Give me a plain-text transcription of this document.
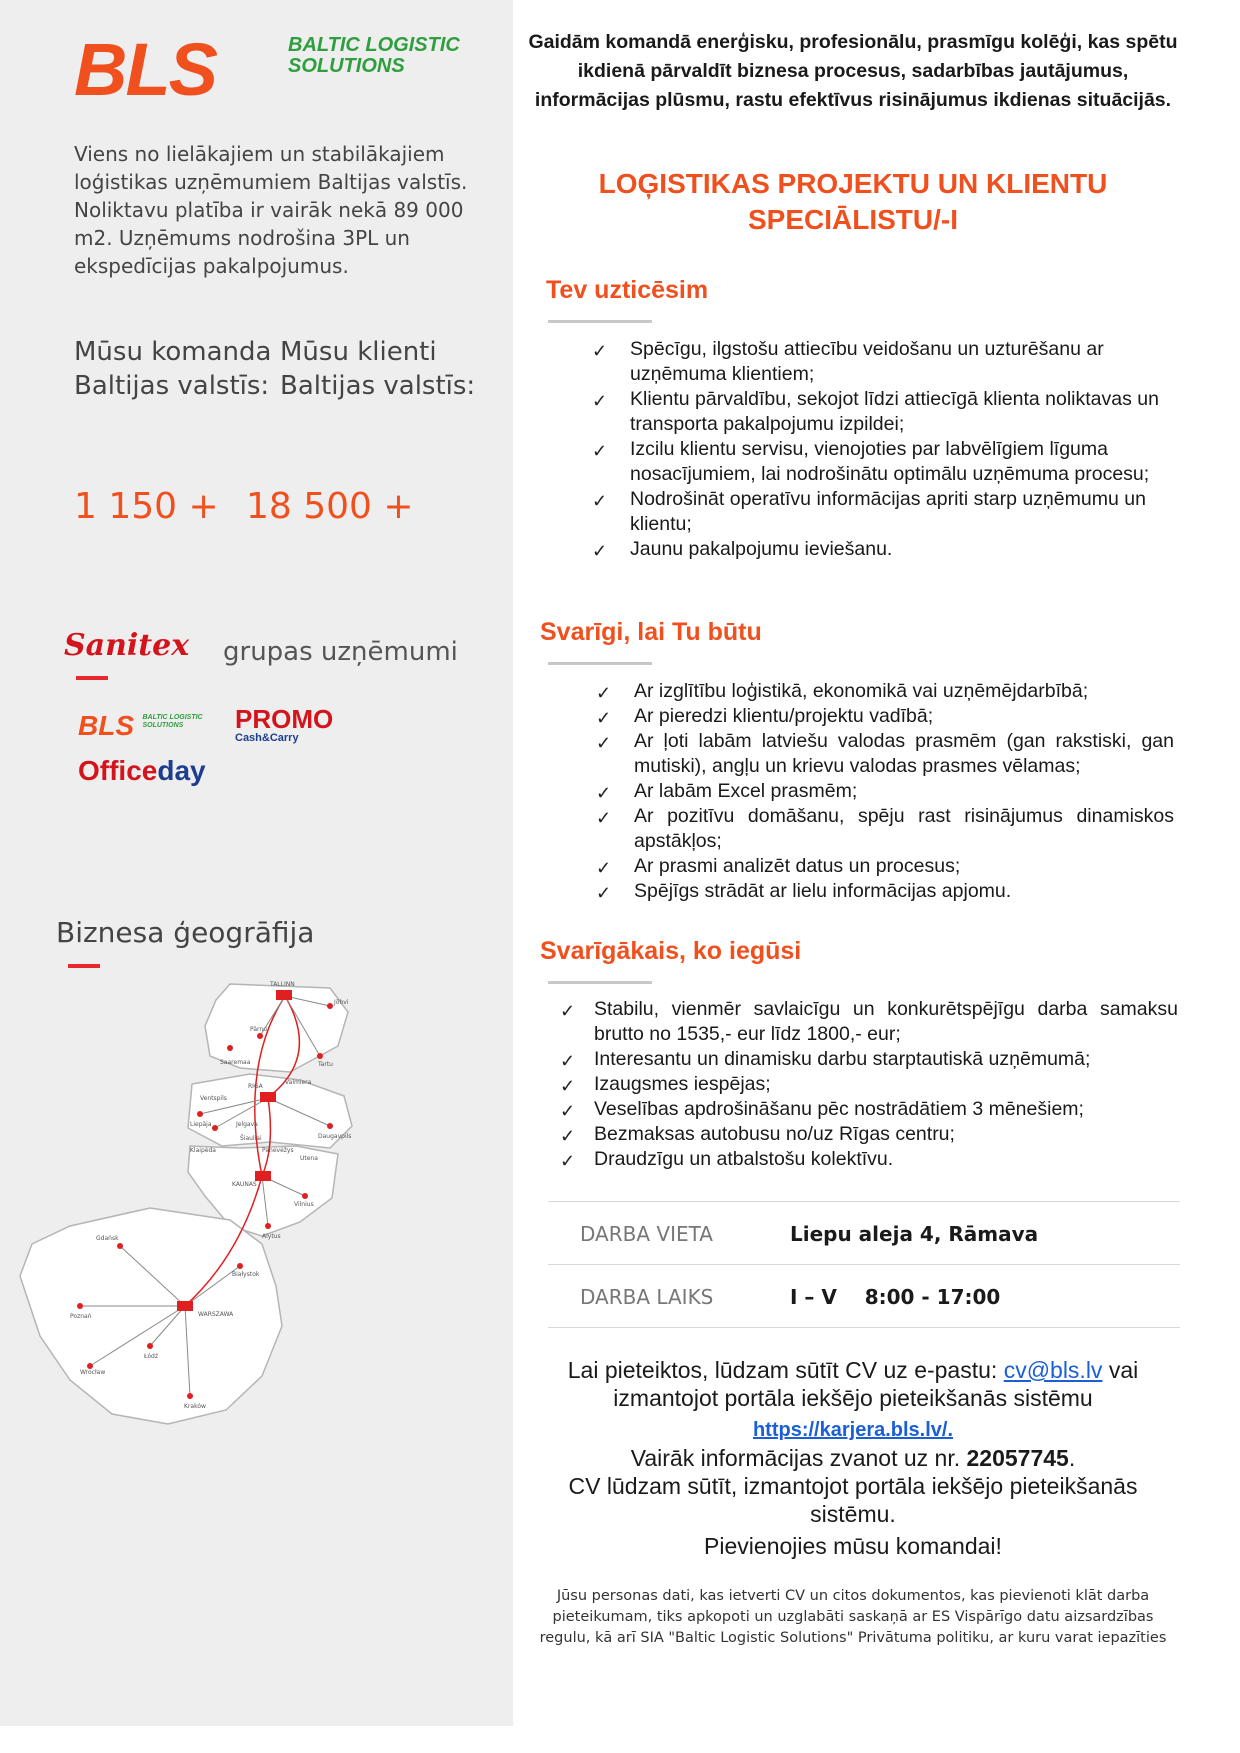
BLS	BALTIC LOGISTIC
SOLUTIONS
Viens no lielākajiem un stabilākajiem loģistikas uzņēmumiem Baltijas valstīs. Noliktavu platība ir vairāk nekā 89 000 m2. Uzņēmums nodrošina 3PL un ekspedīcijas pakalpojumus.
Mūsu komanda
Baltijas valstīs:
Mūsu klienti
Baltijas valstīs:
1 150 + 18 500 +
Sanitex grupas uzņēmumi
BLS BALTIC LOGISTIC
SOLUTIONS	PROMO
Cash&Carry
Officeday
Biznesa ģeogrāfija
TALLINN
Jõhvi
Pärnu
Tartu
Saaremaa
Valmiera
RIGA
Liepāja
Ventspils
Jelgava
Daugavpils
Šiauliai
Klaipėda	Panevėžys
Utena
KAUNAS
Vilnius
Alytus
Gdańsk
Białystok
Poznań	WARSZAWA
Wrocław
Łódź
Kraków
Gaidām komandā enerģisku, profesionālu, prasmīgu kolēģi, kas spētu ikdienā pārvaldīt biznesa procesus, sadarbības jautājumus, informācijas plūsmu, rastu efektīvus risinājumus ikdienas situācijās.
LOĢISTIKAS PROJEKTU UN KLIENTU
SPECIĀLISTU/-I
Tev uzticēsim
✓ Spēcīgu, ilgstošu attiecību veidošanu un uzturēšanu ar uzņēmuma klientiem;
✓ Klientu pārvaldību, sekojot līdzi attiecīgā klienta noliktavas un transporta pakalpojumu izpildei;
✓ Izcilu klientu servisu, vienojoties par labvēlīgiem līguma nosacījumiem, lai nodrošinātu optimālu uzņēmuma procesu;
✓ Nodrošināt operatīvu informācijas apriti starp uzņēmumu un klientu;
✓ Jaunu pakalpojumu ieviešanu.
Svarīgi, lai Tu būtu
✓ Ar izglītību loģistikā, ekonomikā vai uzņēmējdarbībā;
✓ Ar pieredzi klientu/projektu vadībā;
✓ Ar ļoti labām latviešu valodas prasmēm (gan rakstiski, gan mutiski), angļu un krievu valodas prasmes vēlamas;
✓ Ar labām Excel prasmēm;
✓ Ar pozitīvu domāšanu, spēju rast risinājumus dinamiskos apstākļos;
✓ Ar prasmi analizēt datus un procesus;
✓ Spējīgs strādāt ar lielu informācijas apjomu.
Svarīgākais, ko iegūsi
✓ Stabilu, vienmēr savlaicīgu un konkurētspējīgu darba samaksu brutto no 1535,- eur līdz 1800,- eur;
✓ Interesantu un dinamisku darbu starptautiskā uzņēmumā;
✓ Izaugsmes iespējas;
✓ Veselības apdrošināšanu pēc nostrādātiem 3 mēnešiem;
✓ Bezmaksas autobusu no/uz Rīgas centru;
✓ Draudzīgu un atbalstošu kolektīvu.
DARBA VIETA	Liepu aleja 4, Rāmava
DARBA LAIKS	I – V    8:00 - 17:00
Lai pieteiktos, lūdzam sūtīt CV uz e-pastu: cv@bls.lv vai izmantojot portāla iekšējo pieteikšanās sistēmu
https://karjera.bls.lv/.
Vairāk informācijas zvanot uz nr. 22057745.
CV lūdzam sūtīt, izmantojot portāla iekšējo pieteikšanās sistēmu.
Pievienojies mūsu komandai!
Jūsu personas dati, kas ietverti CV un citos dokumentos, kas pievienoti klāt darba pieteikumam, tiks apkopoti un uzglabāti saskaņā ar ES Vispārīgo datu aizsardzības regulu, kā arī SIA "Baltic Logistic Solutions" Privātuma politiku, ar kuru varat iepazīties
